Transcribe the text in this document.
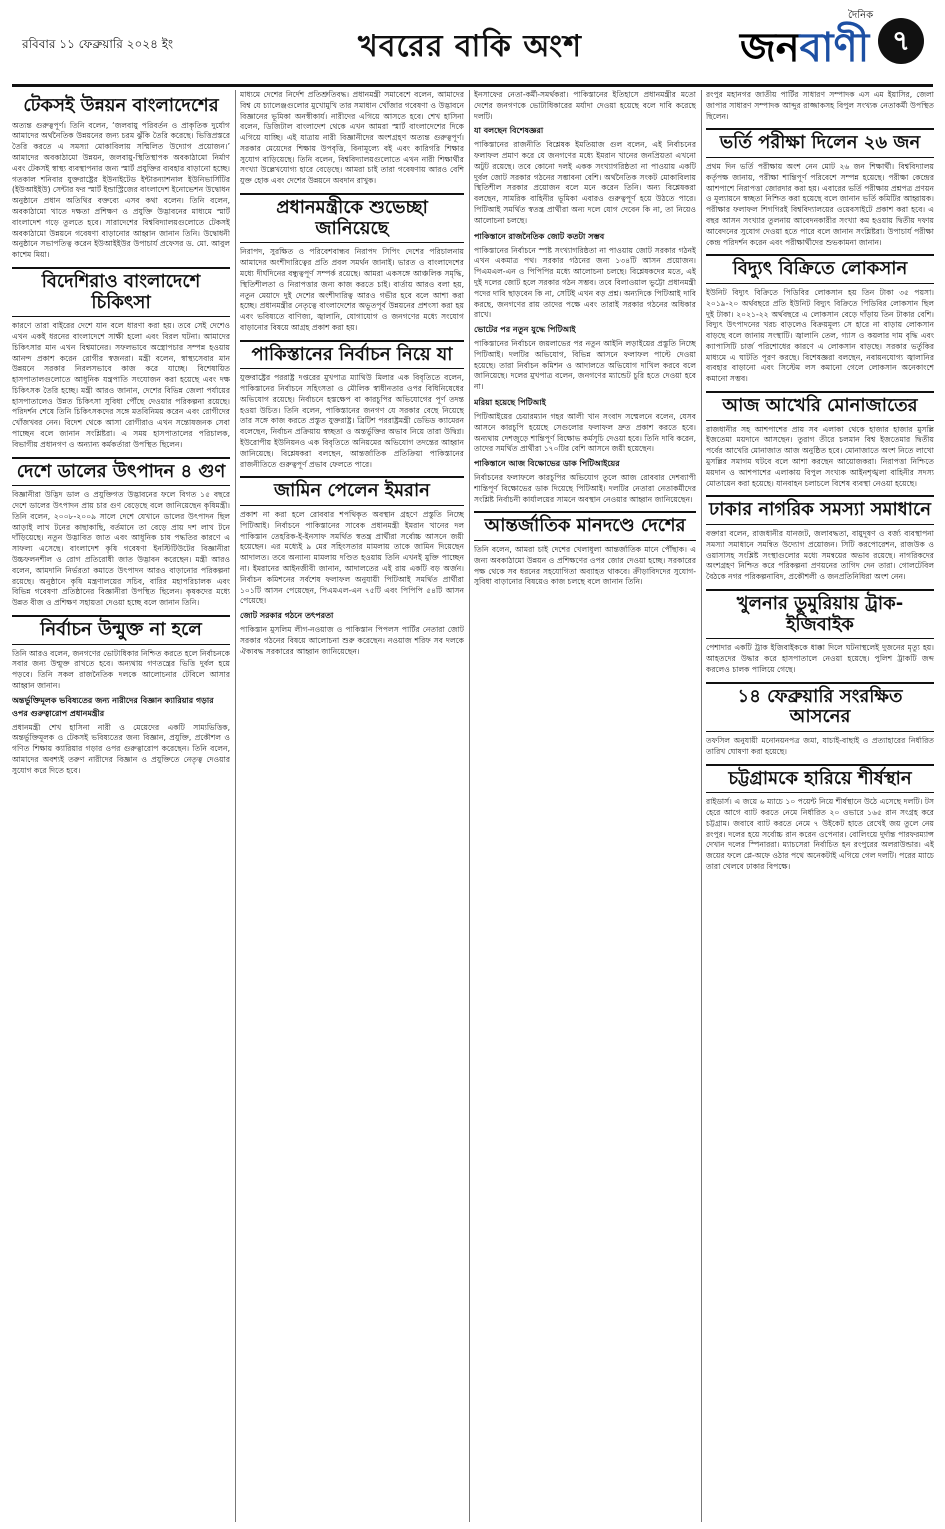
রবিবার ১১ ফেব্রুয়ারি ২০২৪ ইং	খবরের বাকি অংশ
দৈনিক
জনবাণী ৭
টেকসই উন্নয়ন বাংলাদেশের

অত্যন্ত গুরুত্বপূর্ণ। তিনি বলেন, ‘জলবায়ু পরিবর্তন ও প্রাকৃতিক দুর্যোগ আমাদের অর্থনৈতিক উন্নয়নের জন্য চরম ঝুঁকি তৈরি করেছে। ভিত্তিপ্রস্তরে তৈরি করতে এ সমস্যা মোকাবিলায় সম্মিলিত উদ্যোগ প্রয়োজন।’ আমাদের অবকাঠামো উন্নয়ন, জলবায়ু-স্থিতিস্থাপক অবকাঠামো নির্মাণ এবং টেকসই স্বাস্থ্য ব্যবস্থাপনার জন্য স্মার্ট প্রযুক্তির ব্যবহার বাড়ানো হচ্ছে। গতকাল শনিবার যুক্তরাষ্ট্রের ইউনাইটেড ইন্টারন্যাশনাল ইউনিভার্সিটির (ইউআইইউ) সেন্টার ফর স্মার্ট ইন্ডাস্ট্রিজের বাংলাদেশ ইনোভেশন উদ্বোধন অনুষ্ঠানে প্রধান অতিথির বক্তব্যে এসব কথা বলেন। তিনি বলেন, অবকাঠামো খাতে দক্ষতা প্রশিক্ষণ ও প্রযুক্তি উদ্ভাবনের মাধ্যমে স্মার্ট বাংলাদেশ গড়ে তুলতে হবে। সারাদেশের বিশ্ববিদ্যালয়গুলোতে টেকসই অবকাঠামো উন্নয়নে গবেষণা বাড়ানোর আহ্বান জানান তিনি। উদ্বোধনী অনুষ্ঠানে সভাপতিত্ব করেন ইউআইইউর উপাচার্য প্রফেসর ড. মো. আবুল কাশেম মিয়া।

বিদেশিরাও বাংলাদেশে চিকিৎসা

কারণে তারা বাইরের দেশে যান বলে ধারণা করা হয়। তবে সেই দেশেও এখন একই ধরনের বাংলাদেশে সাক্ষী হলো এবং বিরল ঘটনা। আমাদের চিকিৎসার মান এখন বিশ্বমানের। সফলভাবে অস্ত্রোপচার সম্পন্ন হওয়ায় আনন্দ প্রকাশ করেন রোগীর স্বজনরা। মন্ত্রী বলেন, স্বাস্থ্যসেবার মান উন্নয়নে সরকার নিরলসভাবে কাজ করে যাচ্ছে। বিশেষায়িত হাসপাতালগুলোতে আধুনিক যন্ত্রপাতি সংযোজন করা হয়েছে এবং দক্ষ চিকিৎসক তৈরি হচ্ছে। মন্ত্রী আরও জানান, দেশের বিভিন্ন জেলা পর্যায়ের হাসপাতালেও উন্নত চিকিৎসা সুবিধা পৌঁছে দেওয়ার পরিকল্পনা রয়েছে। পরিদর্শন শেষে তিনি চিকিৎসকদের সঙ্গে মতবিনিময় করেন এবং রোগীদের খোঁজখবর নেন। বিদেশ থেকে আসা রোগীরাও এখন সন্তোষজনক সেবা পাচ্ছেন বলে জানান সংশ্লিষ্টরা। এ সময় হাসপাতালের পরিচালক, বিভাগীয় প্রধানগণ ও অন্যান্য কর্মকর্তারা উপস্থিত ছিলেন।

দেশে ডালের উৎপাদন ৪ গুণ

বিজ্ঞানীরা উদ্ভিদ ডাল ও প্রযুক্তিগত উদ্ভাবনের ফলে বিগত ১৫ বছরে দেশে ডালের উৎপাদন প্রায় চার গুণ বেড়েছে বলে জানিয়েছেন কৃষিমন্ত্রী। তিনি বলেন, ২০০৮-২০০৯ সালে দেশে যেখানে ডালের উৎপাদন ছিল আড়াই লাখ টনের কাছাকাছি, বর্তমানে তা বেড়ে প্রায় দশ লাখ টনে দাঁড়িয়েছে। নতুন উদ্ভাবিত জাত এবং আধুনিক চাষ পদ্ধতির কারণে এ সাফল্য এসেছে। বাংলাদেশ কৃষি গবেষণা ইনস্টিটিউটের বিজ্ঞানীরা উচ্চফলনশীল ও রোগ প্রতিরোধী জাত উদ্ভাবন করেছেন। মন্ত্রী আরও বলেন, আমদানি নির্ভরতা কমাতে উৎপাদন আরও বাড়ানোর পরিকল্পনা রয়েছে। অনুষ্ঠানে কৃষি মন্ত্রণালয়ের সচিব, বারির মহাপরিচালক এবং বিভিন্ন গবেষণা প্রতিষ্ঠানের বিজ্ঞানীরা উপস্থিত ছিলেন। কৃষকদের মধ্যে উন্নত বীজ ও প্রশিক্ষণ সহায়তা দেওয়া হচ্ছে বলে জানান তিনি।

নির্বাচন উন্মুক্ত না হলে

তিনি আরও বলেন, জনগণের ভোটাধিকার নিশ্চিত করতে হলে নির্বাচনকে সবার জন্য উন্মুক্ত রাখতে হবে। অন্যথায় গণতন্ত্রের ভিত্তি দুর্বল হয়ে পড়বে। তিনি সকল রাজনৈতিক দলকে আলোচনার টেবিলে আসার আহ্বান জানান।

অন্তর্ভুক্তিমূলক ভবিষ্যতের জন্য নারীদের বিজ্ঞান ক্যারিয়ার গড়ার ওপর গুরুত্বারোপ প্রধানমন্ত্রীর

প্রধানমন্ত্রী শেখ হাসিনা নারী ও মেয়েদের একটি সাম্যভিত্তিক, অন্তর্ভুক্তিমূলক ও টেকসই ভবিষ্যতের জন্য বিজ্ঞান, প্রযুক্তি, প্রকৌশল ও গণিত শিক্ষায় ক্যারিয়ার গড়ার ওপর গুরুত্বারোপ করেছেন। তিনি বলেন, আমাদের অবশ্যই তরুণ নারীদের বিজ্ঞান ও প্রযুক্তিতে নেতৃত্ব দেওয়ার সুযোগ করে দিতে হবে।

মাধ্যমে দেশের নির্দেশ প্রতিশ্রুতিবদ্ধ। প্রধানমন্ত্রী সমাবেশে বলেন, আমাদের বিশ্ব যে চ্যালেঞ্জগুলোর মুখোমুখি তার সমাধান খোঁজার গবেষণা ও উদ্ভাবনে বিজ্ঞানের ভূমিকা অনস্বীকার্য। নারীদের এগিয়ে আসতে হবে। শেখ হাসিনা বলেন, ডিজিটাল বাংলাদেশ থেকে এখন আমরা স্মার্ট বাংলাদেশের দিকে এগিয়ে যাচ্ছি। এই যাত্রায় নারী বিজ্ঞানীদের অংশগ্রহণ অত্যন্ত গুরুত্বপূর্ণ। সরকার মেয়েদের শিক্ষায় উপবৃত্তি, বিনামূল্যে বই এবং কারিগরি শিক্ষার সুযোগ বাড়িয়েছে। তিনি বলেন, বিশ্ববিদ্যালয়গুলোতে এখন নারী শিক্ষার্থীর সংখ্যা উল্লেখযোগ্য হারে বেড়েছে। আমরা চাই তারা গবেষণায় আরও বেশি যুক্ত হোক এবং দেশের উন্নয়নে অবদান রাখুক।

প্রধানমন্ত্রীকে শুভেচ্ছা জানিয়েছে

নিরাপদ, সুরক্ষিত ও পরিবেশবান্ধব নিরাপদ সিপিং দেশের পরিচালনায় আমাদের অংশীদারিত্বের প্রতি প্রবল সমর্থন জানাই। ভারত ও বাংলাদেশের মধ্যে দীর্ঘদিনের বন্ধুত্বপূর্ণ সম্পর্ক রয়েছে। আমরা একসঙ্গে আঞ্চলিক সমৃদ্ধি, স্থিতিশীলতা ও নিরাপত্তার জন্য কাজ করতে চাই। বার্তায় আরও বলা হয়, নতুন মেয়াদে দুই দেশের অংশীদারিত্ব আরও গভীর হবে বলে আশা করা হচ্ছে। প্রধানমন্ত্রীর নেতৃত্বে বাংলাদেশের অভূতপূর্ব উন্নয়নের প্রশংসা করা হয় এবং ভবিষ্যতে বাণিজ্য, জ্বালানি, যোগাযোগ ও জনগণের মধ্যে সংযোগ বাড়ানোর বিষয়ে আগ্রহ প্রকাশ করা হয়।

পাকিস্তানের নির্বাচন নিয়ে যা

যুক্তরাষ্ট্রের পররাষ্ট্র দপ্তরের মুখপাত্র ম্যাথিউ মিলার এক বিবৃতিতে বলেন, পাকিস্তানের নির্বাচনে সহিংসতা ও মৌলিক স্বাধীনতার ওপর বিধিনিষেধের অভিযোগ রয়েছে। নির্বাচনে হস্তক্ষেপ বা কারচুপির অভিযোগের পূর্ণ তদন্ত হওয়া উচিত। তিনি বলেন, পাকিস্তানের জনগণ যে সরকার বেছে নিয়েছে তার সঙ্গে কাজ করতে প্রস্তুত যুক্তরাষ্ট্র। ব্রিটিশ পররাষ্ট্রমন্ত্রী ডেভিড ক্যামেরন বলেছেন, নির্বাচন প্রক্রিয়ায় স্বচ্ছতা ও অন্তর্ভুক্তির অভাব নিয়ে তারা উদ্বিগ্ন। ইউরোপীয় ইউনিয়নও এক বিবৃতিতে অনিয়মের অভিযোগ তদন্তের আহ্বান জানিয়েছে। বিশ্লেষকরা বলছেন, আন্তর্জাতিক প্রতিক্রিয়া পাকিস্তানের রাজনীতিতে গুরুত্বপূর্ণ প্রভাব ফেলতে পারে।

জামিন পেলেন ইমরান

প্রকাশ না করা হলে রোববার শপথিকৃত অবস্থান গ্রহণে প্রস্তুতি নিচ্ছে পিটিআই। নির্বাচনে পাকিস্তানের সাবেক প্রধানমন্ত্রী ইমরান খানের দল পাকিস্তান তেহরিক-ই-ইনসাফ সমর্থিত স্বতন্ত্র প্রার্থীরা সর্বোচ্চ আসনে জয়ী হয়েছেন। এর মধ্যেই ৯ মের সহিংসতার মামলায় তাকে জামিন দিয়েছেন আদালত। তবে অন্যান্য মামলায় দণ্ডিত হওয়ায় তিনি এখনই মুক্তি পাচ্ছেন না। ইমরানের আইনজীবী জানান, আদালতের এই রায় একটি বড় অর্জন। নির্বাচন কমিশনের সর্বশেষ ফলাফল অনুযায়ী পিটিআই সমর্থিত প্রার্থীরা ১০১টি আসন পেয়েছেন, পিএমএল-এন ৭৫টি এবং পিপিপি ৫৪টি আসন পেয়েছে।

জোট সরকার গঠনে তৎপরতা

পাকিস্তান মুসলিম লীগ-নওয়াজ ও পাকিস্তান পিপলস পার্টির নেতারা জোট সরকার গঠনের বিষয়ে আলোচনা শুরু করেছেন। নওয়াজ শরিফ সব দলকে ঐক্যবদ্ধ সরকারের আহ্বান জানিয়েছেন।

ইনসাফের নেতা-কর্মী-সমর্থকরা। পাকিস্তানের ইতিহাসে প্রধানমন্ত্রীর মতো দেশের জনগণকে ভোটাধিকারের মর্যাদা দেওয়া হয়েছে বলে দাবি করেছে দলটি।

যা বলছেন বিশেষজ্ঞরা

পাকিস্তানের রাজনীতি বিশ্লেষক ইমতিয়াজ গুল বলেন, এই নির্বাচনের ফলাফল প্রমাণ করে যে জনগণের মধ্যে ইমরান খানের জনপ্রিয়তা এখনো অটুট রয়েছে। তবে কোনো দলই একক সংখ্যাগরিষ্ঠতা না পাওয়ায় একটি দুর্বল জোট সরকার গঠনের সম্ভাবনা বেশি। অর্থনৈতিক সংকট মোকাবিলায় স্থিতিশীল সরকার প্রয়োজন বলে মনে করেন তিনি। অন্য বিশ্লেষকরা বলছেন, সামরিক বাহিনীর ভূমিকা এবারও গুরুত্বপূর্ণ হয়ে উঠতে পারে। পিটিআই সমর্থিত স্বতন্ত্র প্রার্থীরা অন্য দলে যোগ দেবেন কি না, তা নিয়েও আলোচনা চলছে।

পাকিস্তানে রাজনৈতিক জোট কতটা সম্ভব

পাকিস্তানের নির্বাচনে স্পষ্ট সংখ্যাগরিষ্ঠতা না পাওয়ায় জোট সরকার গঠনই এখন একমাত্র পথ। সরকার গঠনের জন্য ১৩৪টি আসন প্রয়োজন। পিএমএল-এন ও পিপিপির মধ্যে আলোচনা চলছে। বিশ্লেষকদের মতে, এই দুই দলের জোট হলে সরকার গঠন সম্ভব। তবে বিলাওয়াল ভুট্টো প্রধানমন্ত্রী পদের দাবি ছাড়বেন কি না, সেটিই এখন বড় প্রশ্ন। অন্যদিকে পিটিআই দাবি করছে, জনগণের রায় তাদের পক্ষে এবং তারাই সরকার গঠনের অধিকার রাখে।

ভোটের পর নতুন যুদ্ধে পিটিআই

পাকিস্তানের নির্বাচনে জয়লাভের পর নতুন আইনি লড়াইয়ের প্রস্তুতি নিচ্ছে পিটিআই। দলটির অভিযোগ, বিভিন্ন আসনে ফলাফল পাল্টে দেওয়া হয়েছে। তারা নির্বাচন কমিশন ও আদালতে অভিযোগ দাখিল করবে বলে জানিয়েছে। দলের মুখপাত্র বলেন, জনগণের ম্যান্ডেট চুরি হতে দেওয়া হবে না।

মরিয়া হয়েছে পিটিআই

পিটিআইয়ের চেয়ারম্যান গহর আলী খান সংবাদ সম্মেলনে বলেন, যেসব আসনে কারচুপি হয়েছে সেগুলোর ফলাফল দ্রুত প্রকাশ করতে হবে। অন্যথায় দেশজুড়ে শান্তিপূর্ণ বিক্ষোভ কর্মসূচি দেওয়া হবে। তিনি দাবি করেন, তাদের সমর্থিত প্রার্থীরা ১৭০টির বেশি আসনে জয়ী হয়েছেন।

পাকিস্তানে আজ বিক্ষোভের ডাক পিটিআইয়ের

নির্বাচনের ফলাফলে কারচুপির অভিযোগ তুলে আজ রোববার দেশব্যাপী শান্তিপূর্ণ বিক্ষোভের ডাক দিয়েছে পিটিআই। দলটির নেতারা নেতাকর্মীদের সংশ্লিষ্ট নির্বাচনী কার্যালয়ের সামনে অবস্থান নেওয়ার আহ্বান জানিয়েছেন।

আন্তর্জাতিক মানদণ্ডে দেশের

তিনি বলেন, আমরা চাই দেশের খেলাধুলা আন্তর্জাতিক মানে পৌঁছাক। এ জন্য অবকাঠামো উন্নয়ন ও প্রশিক্ষণের ওপর জোর দেওয়া হচ্ছে। সরকারের পক্ষ থেকে সব ধরনের সহযোগিতা অব্যাহত থাকবে। ক্রীড়াবিদদের সুযোগ-সুবিধা বাড়ানোর বিষয়েও কাজ চলছে বলে জানান তিনি।

রংপুর মহানগর জাতীয় পার্টির সাধারণ সম্পাদক এস এম ইয়াসির, জেলা জাপার সাধারণ সম্পাদক আব্দুর রাজ্জাকসহ বিপুল সংখ্যক নেতাকর্মী উপস্থিত ছিলেন।

ভর্তি পরীক্ষা দিলেন ২৬ জন

প্রথম দিন ভর্তি পরীক্ষায় অংশ নেন মোট ২৬ জন শিক্ষার্থী। বিশ্ববিদ্যালয় কর্তৃপক্ষ জানায়, পরীক্ষা শান্তিপূর্ণ পরিবেশে সম্পন্ন হয়েছে। পরীক্ষা কেন্দ্রের আশপাশে নিরাপত্তা জোরদার করা হয়। এবারের ভর্তি পরীক্ষায় প্রশ্নপত্র প্রণয়ন ও মূল্যায়নে স্বচ্ছতা নিশ্চিত করা হয়েছে বলে জানান ভর্তি কমিটির আহ্বায়ক। পরীক্ষার ফলাফল শিগগিরই বিশ্ববিদ্যালয়ের ওয়েবসাইটে প্রকাশ করা হবে। এ বছর আসন সংখ্যার তুলনায় আবেদনকারীর সংখ্যা কম হওয়ায় দ্বিতীয় দফায় আবেদনের সুযোগ দেওয়া হতে পারে বলে জানান সংশ্লিষ্টরা। উপাচার্য পরীক্ষা কেন্দ্র পরিদর্শন করেন এবং পরীক্ষার্থীদের শুভকামনা জানান।

বিদ্যুৎ বিক্রিতে লোকসান

ইউনিট বিদ্যুৎ বিক্রিতে পিডিবির লোকসান হয় তিন টাকা ৩৫ পয়সা। ২০১৯-২০ অর্থবছরে প্রতি ইউনিট বিদ্যুৎ বিক্রিতে পিডিবির লোকসান ছিল দুই টাকা। ২০২১-২২ অর্থবছরে এ লোকসান বেড়ে দাঁড়ায় তিন টাকার বেশি। বিদ্যুৎ উৎপাদনের খরচ বাড়লেও বিক্রয়মূল্য সে হারে না বাড়ায় লোকসান বাড়ছে বলে জানায় সংস্থাটি। জ্বালানি তেল, গ্যাস ও কয়লার দাম বৃদ্ধি এবং ক্যাপাসিটি চার্জ পরিশোধের কারণে এ লোকসান বাড়ছে। সরকার ভর্তুকির মাধ্যমে এ ঘাটতি পূরণ করছে। বিশেষজ্ঞরা বলছেন, নবায়নযোগ্য জ্বালানির ব্যবহার বাড়ানো এবং সিস্টেম লস কমানো গেলে লোকসান অনেকাংশে কমানো সম্ভব।

আজ আখেরি মোনাজাতের

রাজধানীর সহ আশপাশের প্রায় সব এলাকা থেকে হাজার হাজার মুসল্লি ইজতেমা ময়দানে আসছেন। তুরাগ তীরে চলমান বিশ্ব ইজতেমার দ্বিতীয় পর্বের আখেরি মোনাজাত আজ অনুষ্ঠিত হবে। মোনাজাতে অংশ নিতে লাখো মুসল্লির সমাগম ঘটবে বলে আশা করছেন আয়োজকরা। নিরাপত্তা নিশ্চিতে ময়দান ও আশপাশের এলাকায় বিপুল সংখ্যক আইনশৃঙ্খলা বাহিনীর সদস্য মোতায়েন করা হয়েছে। যানবাহন চলাচলে বিশেষ ব্যবস্থা নেওয়া হয়েছে।

ঢাকার নাগরিক সমস্যা সমাধানে

বক্তারা বলেন, রাজধানীর যানজট, জলাবদ্ধতা, বায়ুদূষণ ও বর্জ্য ব্যবস্থাপনা সমস্যা সমাধানে সমন্বিত উদ্যোগ প্রয়োজন। সিটি করপোরেশন, রাজউক ও ওয়াসাসহ সংশ্লিষ্ট সংস্থাগুলোর মধ্যে সমন্বয়ের অভাব রয়েছে। নাগরিকদের অংশগ্রহণ নিশ্চিত করে পরিকল্পনা প্রণয়নের তাগিদ দেন তারা। গোলটেবিল বৈঠকে নগর পরিকল্পনাবিদ, প্রকৌশলী ও জনপ্রতিনিধিরা অংশ নেন।

খুলনার ডুমুরিয়ায় ট্রাক-ইজিবাইক

পেশাদার একটি ট্রাক ইজিবাইককে ধাক্কা দিলে ঘটনাস্থলেই দুজনের মৃত্যু হয়। আহতদের উদ্ধার করে হাসপাতালে নেওয়া হয়েছে। পুলিশ ট্রাকটি জব্দ করলেও চালক পালিয়ে গেছে।

১৪ ফেব্রুয়ারি সংরক্ষিত আসনের

তফসিল অনুযায়ী মনোনয়নপত্র জমা, যাচাই-বাছাই ও প্রত্যাহারের নির্ধারিত তারিখ ঘোষণা করা হয়েছে।

চট্টগ্রামকে হারিয়ে শীর্ষস্থান

রাইডার্স। এ জয়ে ৬ ম্যাচে ১০ পয়েন্ট নিয়ে শীর্ষস্থানে উঠে এসেছে দলটি। টস হেরে আগে ব্যাট করতে নেমে নির্ধারিত ২০ ওভারে ১৬৫ রান সংগ্রহ করে চট্টগ্রাম। জবাবে ব্যাট করতে নেমে ৭ উইকেট হাতে রেখেই জয় তুলে নেয় রংপুর। দলের হয়ে সর্বোচ্চ রান করেন ওপেনার। বোলিংয়ে দুর্দান্ত পারফরম্যান্স দেখান দলের স্পিনাররা। ম্যাচসেরা নির্বাচিত হন রংপুরের অলরাউন্ডার। এই জয়ের ফলে প্লে-অফে ওঠার পথে অনেকটাই এগিয়ে গেল দলটি। পরের ম্যাচে তারা খেলবে ঢাকার বিপক্ষে।
